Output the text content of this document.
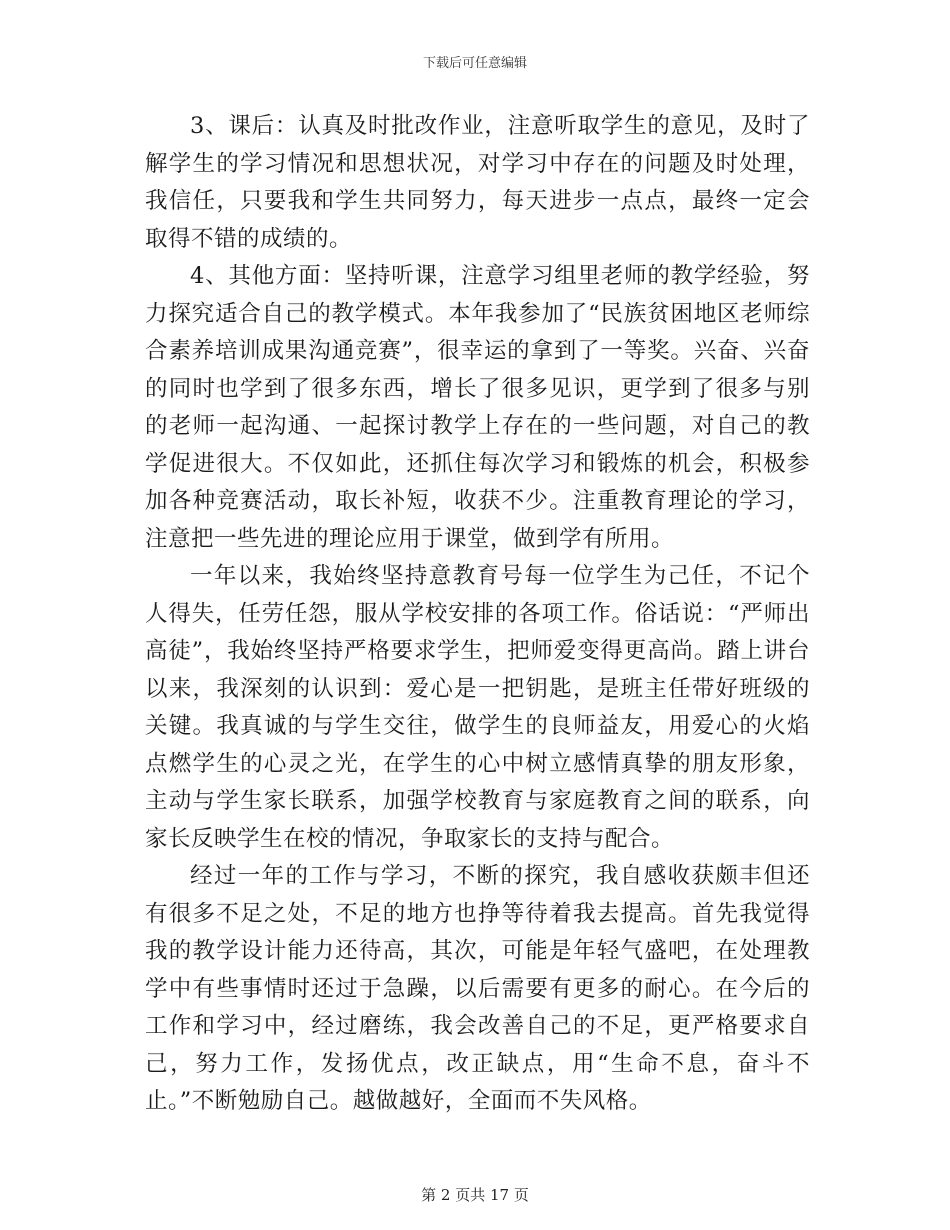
下载后可任意编辑

3、课后：认真及时批改作业，注意听取学生的意见，及时了解学生的学习情况和思想状况，对学习中存在的问题及时处理，我信任，只要我和学生共同努力，每天进步一点点，最终一定会取得不错的成绩的。

4、其他方面：坚持听课，注意学习组里老师的教学经验，努力探究适合自己的教学模式。本年我参加了“民族贫困地区老师综合素养培训成果沟通竞赛”，很幸运的拿到了一等奖。兴奋、兴奋的同时也学到了很多东西，增长了很多见识，更学到了很多与别的老师一起沟通、一起探讨教学上存在的一些问题，对自己的教学促进很大。不仅如此，还抓住每次学习和锻炼的机会，积极参加各种竞赛活动，取长补短，收获不少。注重教育理论的学习，注意把一些先进的理论应用于课堂，做到学有所用。

一年以来，我始终坚持意教育号每一位学生为己任，不记个人得失，任劳任怨，服从学校安排的各项工作。俗话说：“严师出高徒”，我始终坚持严格要求学生，把师爱变得更高尚。踏上讲台以来，我深刻的认识到：爱心是一把钥匙，是班主任带好班级的关键。我真诚的与学生交往，做学生的良师益友，用爱心的火焰点燃学生的心灵之光，在学生的心中树立感情真挚的朋友形象，主动与学生家长联系，加强学校教育与家庭教育之间的联系，向家长反映学生在校的情况，争取家长的支持与配合。

经过一年的工作与学习，不断的探究，我自感收获颇丰但还有很多不足之处，不足的地方也挣等待着我去提高。首先我觉得我的教学设计能力还待高，其次，可能是年轻气盛吧，在处理教学中有些事情时还过于急躁，以后需要有更多的耐心。在今后的工作和学习中，经过磨练，我会改善自己的不足，更严格要求自己，努力工作，发扬优点，改正缺点，用“生命不息，奋斗不止。”不断勉励自己。越做越好，全面而不失风格。

第 2 页共 17 页
